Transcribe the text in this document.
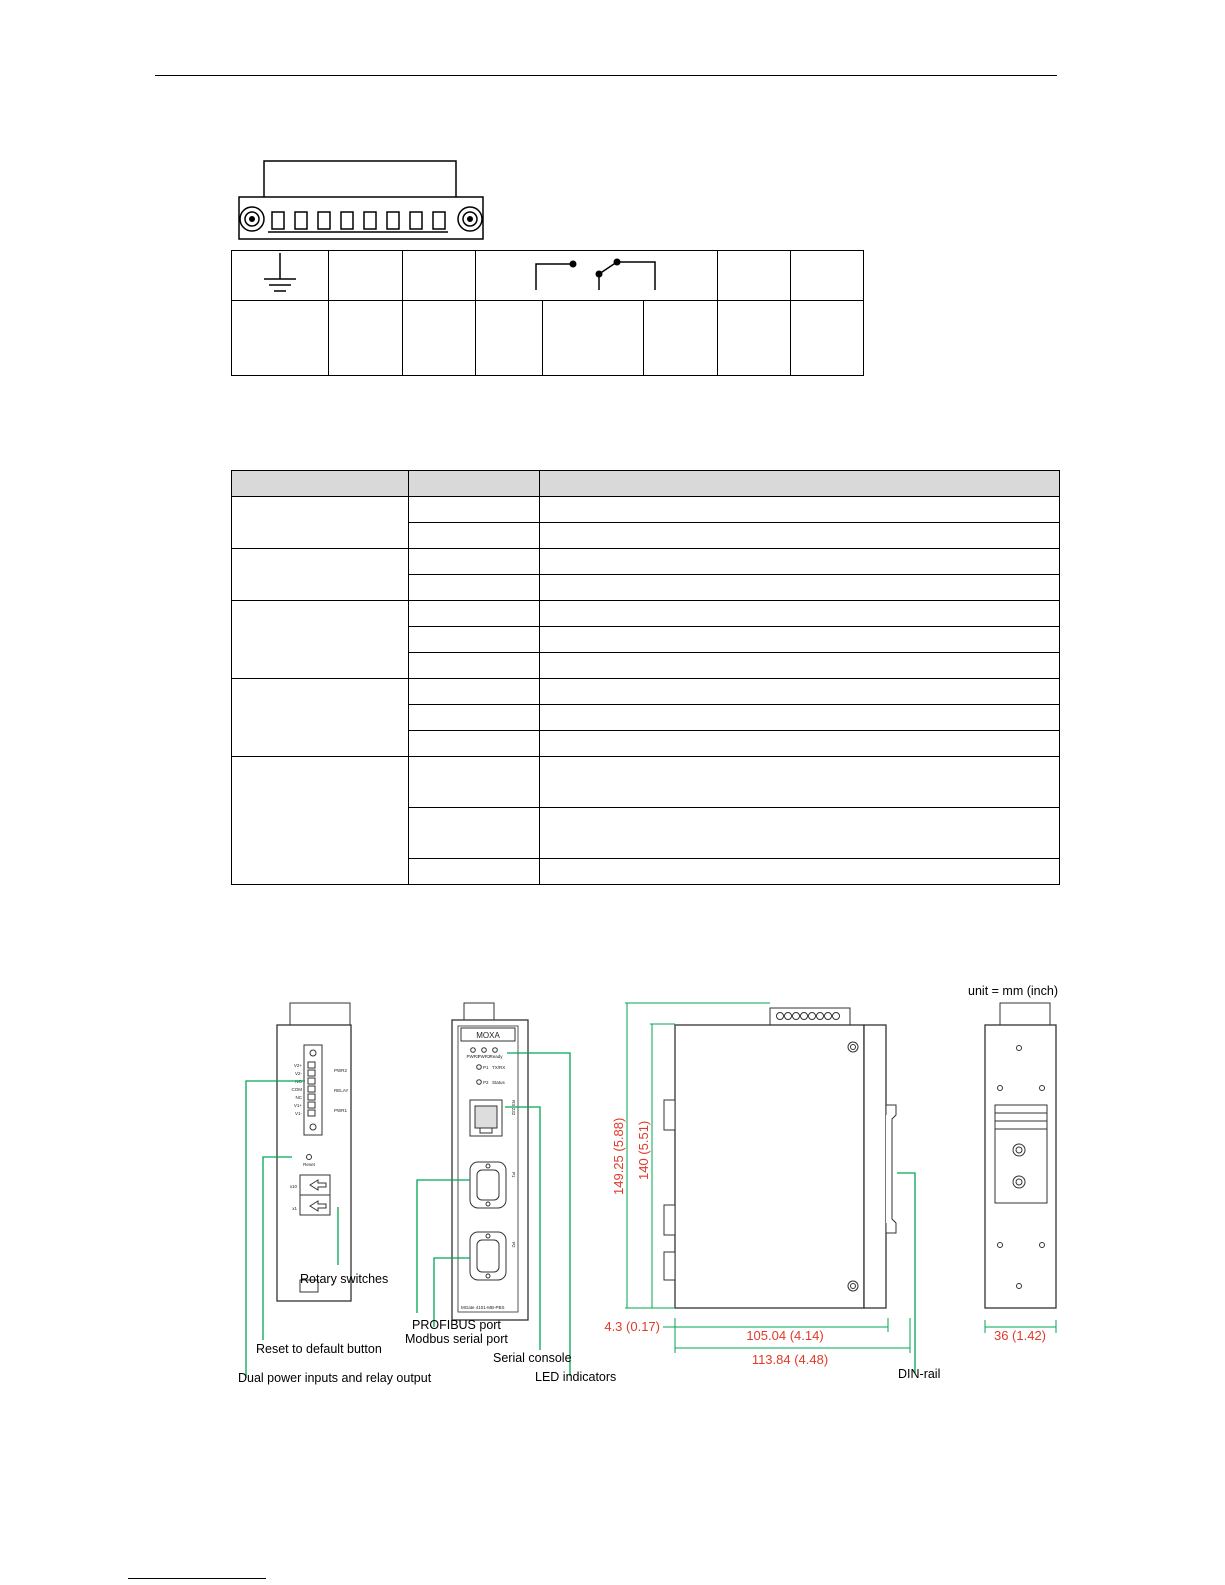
unit = mm (inch)
V2+
V2-
NO
COM
NC
V1+
V1-
PWR2
RELAY
PWR1
Reset
x10
x1
MOXA
PWR1
PWR2
Ready
P1 TX/RX
P2 Status
RS-232
P1
P2
MGate 4101-MB-PBS
149.25 (5.88) 140 (5.51)
4.3 (0.17)
105.04 (4.14)
113.84 (4.48)
36 (1.42)
Rotary switches
Reset to default button
Dual power inputs and relay output
PROFIBUS port
Modbus serial port
Serial console
LED indicators	DIN-rail
